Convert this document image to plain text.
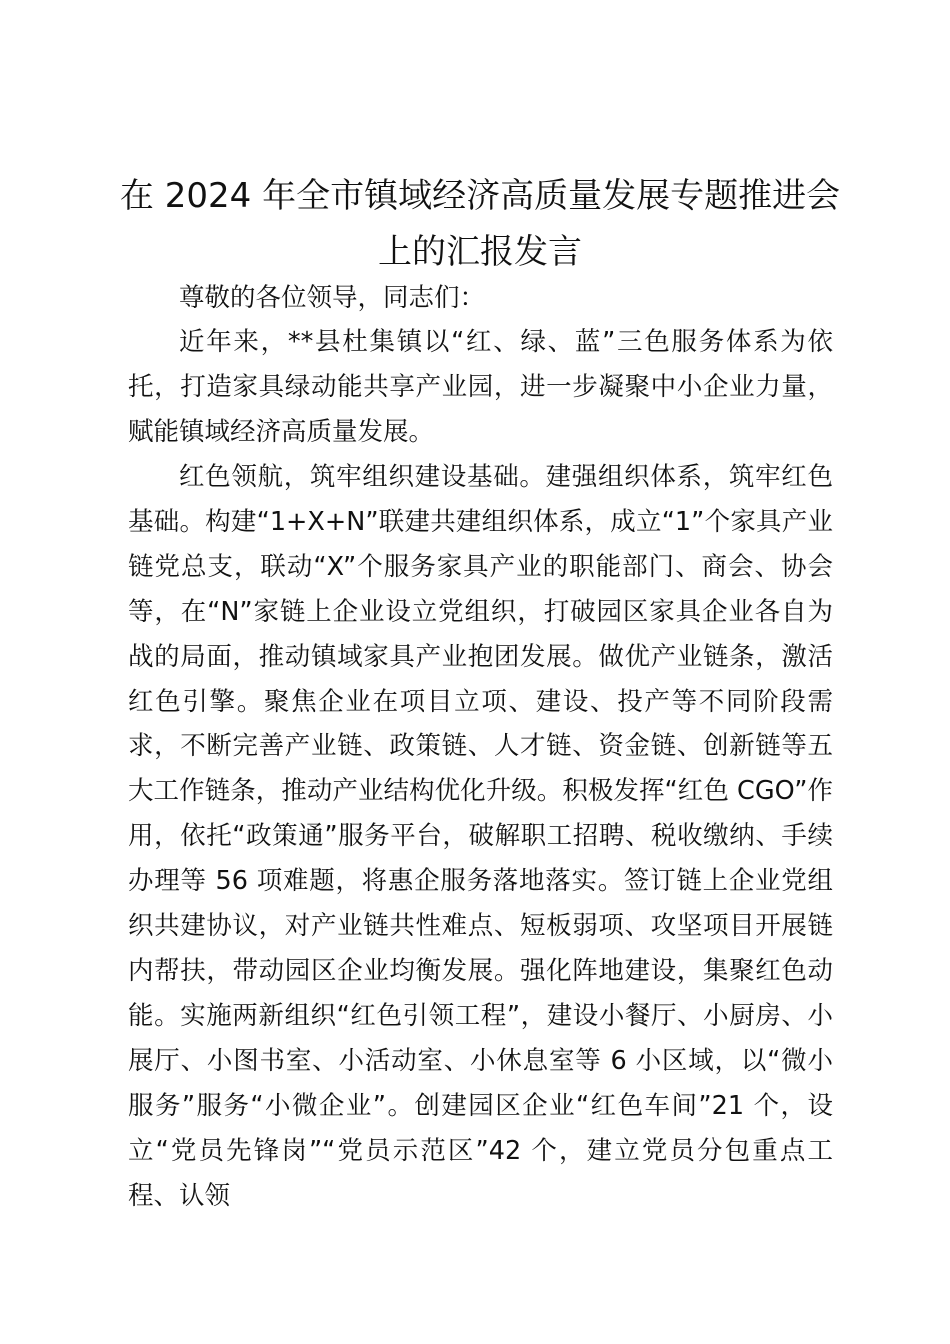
在 2024 年全市镇域经济高质量发展专题推进会上的汇报发言

尊敬的各位领导，同志们：

近年来，**县杜集镇以“红、绿、蓝”三色服务体系为依托，打造家具绿动能共享产业园，进一步凝聚中小企业力量，赋能镇域经济高质量发展。

红色领航，筑牢组织建设基础。建强组织体系，筑牢红色基础。构建“1+X+N”联建共建组织体系，成立“1”个家具产业链党总支，联动“X”个服务家具产业的职能部门、商会、协会等，在“N”家链上企业设立党组织，打破园区家具企业各自为战的局面，推动镇域家具产业抱团发展。做优产业链条，激活红色引擎。聚焦企业在项目立项、建设、投产等不同阶段需求，不断完善产业链、政策链、人才链、资金链、创新链等五大工作链条，推动产业结构优化升级。积极发挥“红色 CGO”作用，依托“政策通”服务平台，破解职工招聘、税收缴纳、手续办理等 56 项难题，将惠企服务落地落实。签订链上企业党组织共建协议，对产业链共性难点、短板弱项、攻坚项目开展链内帮扶，带动园区企业均衡发展。强化阵地建设，集聚红色动能。实施两新组织“红色引领工程”，建设小餐厅、小厨房、小展厅、小图书室、小活动室、小休息室等 6 小区域，以“微小服务”服务“小微企业”。创建园区企业“红色车间”21 个，设立“党员先锋岗”“党员示范区”42 个，建立党员分包重点工程、认领
